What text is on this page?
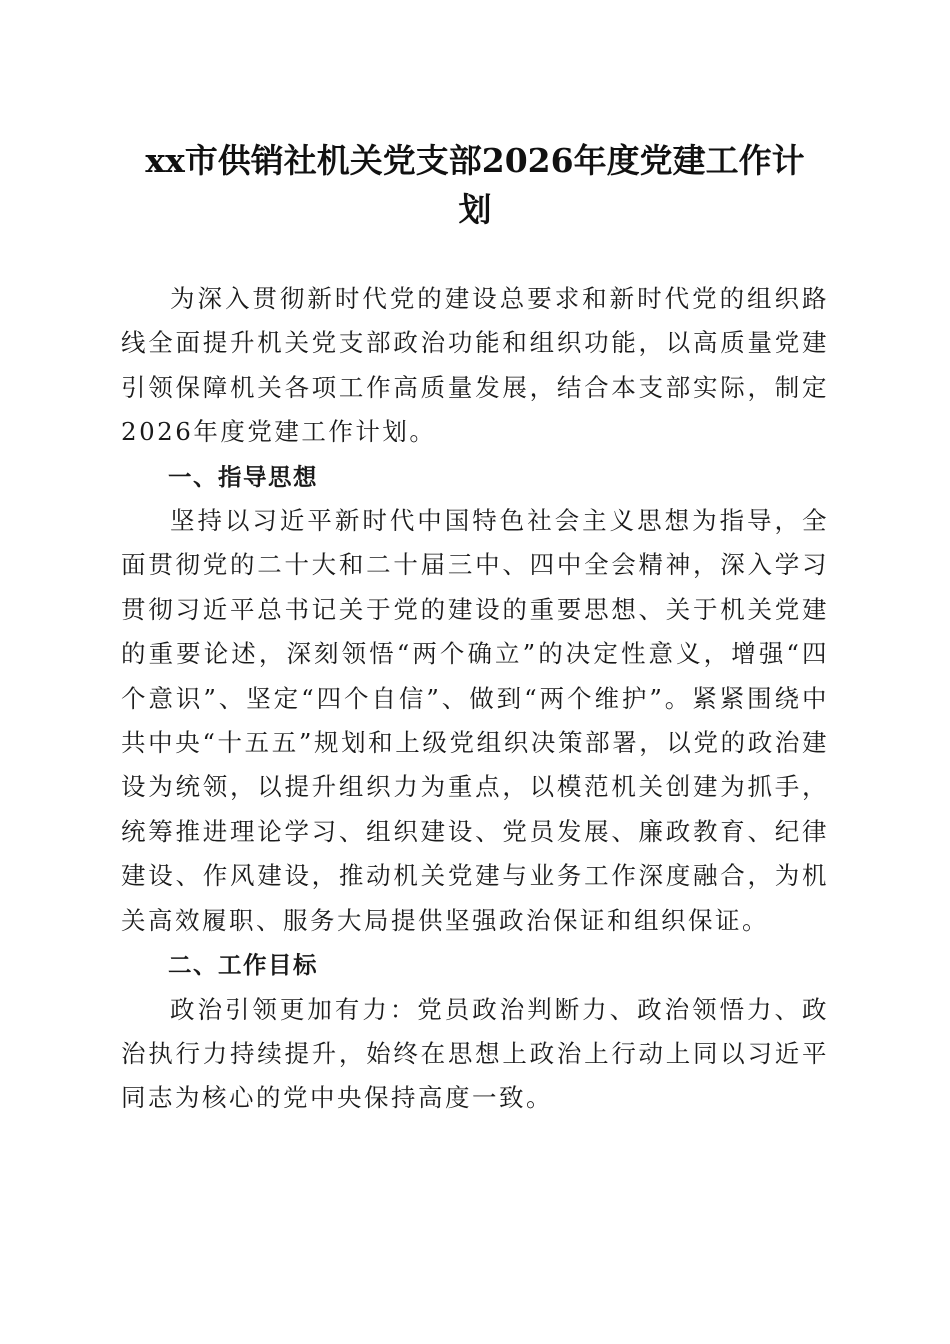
xx市供销社机关党支部2026年度党建工作计
划

为深入贯彻新时代党的建设总要求和新时代党的组织路线全面提升机关党支部政治功能和组织功能，以高质量党建引领保障机关各项工作高质量发展，结合本支部实际，制定2026年度党建工作计划。

一、指导思想

坚持以习近平新时代中国特色社会主义思想为指导，全面贯彻党的二十大和二十届三中、四中全会精神，深入学习贯彻习近平总书记关于党的建设的重要思想、关于机关党建的重要论述，深刻领悟“两个确立”的决定性意义，增强“四个意识”、坚定“四个自信”、做到“两个维护”。紧紧围绕中共中央“十五五”规划和上级党组织决策部署，以党的政治建设为统领，以提升组织力为重点，以模范机关创建为抓手，统筹推进理论学习、组织建设、党员发展、廉政教育、纪律建设、作风建设，推动机关党建与业务工作深度融合，为机关高效履职、服务大局提供坚强政治保证和组织保证。

二、工作目标

政治引领更加有力：党员政治判断力、政治领悟力、政治执行力持续提升，始终在思想上政治上行动上同以习近平同志为核心的党中央保持高度一致。
